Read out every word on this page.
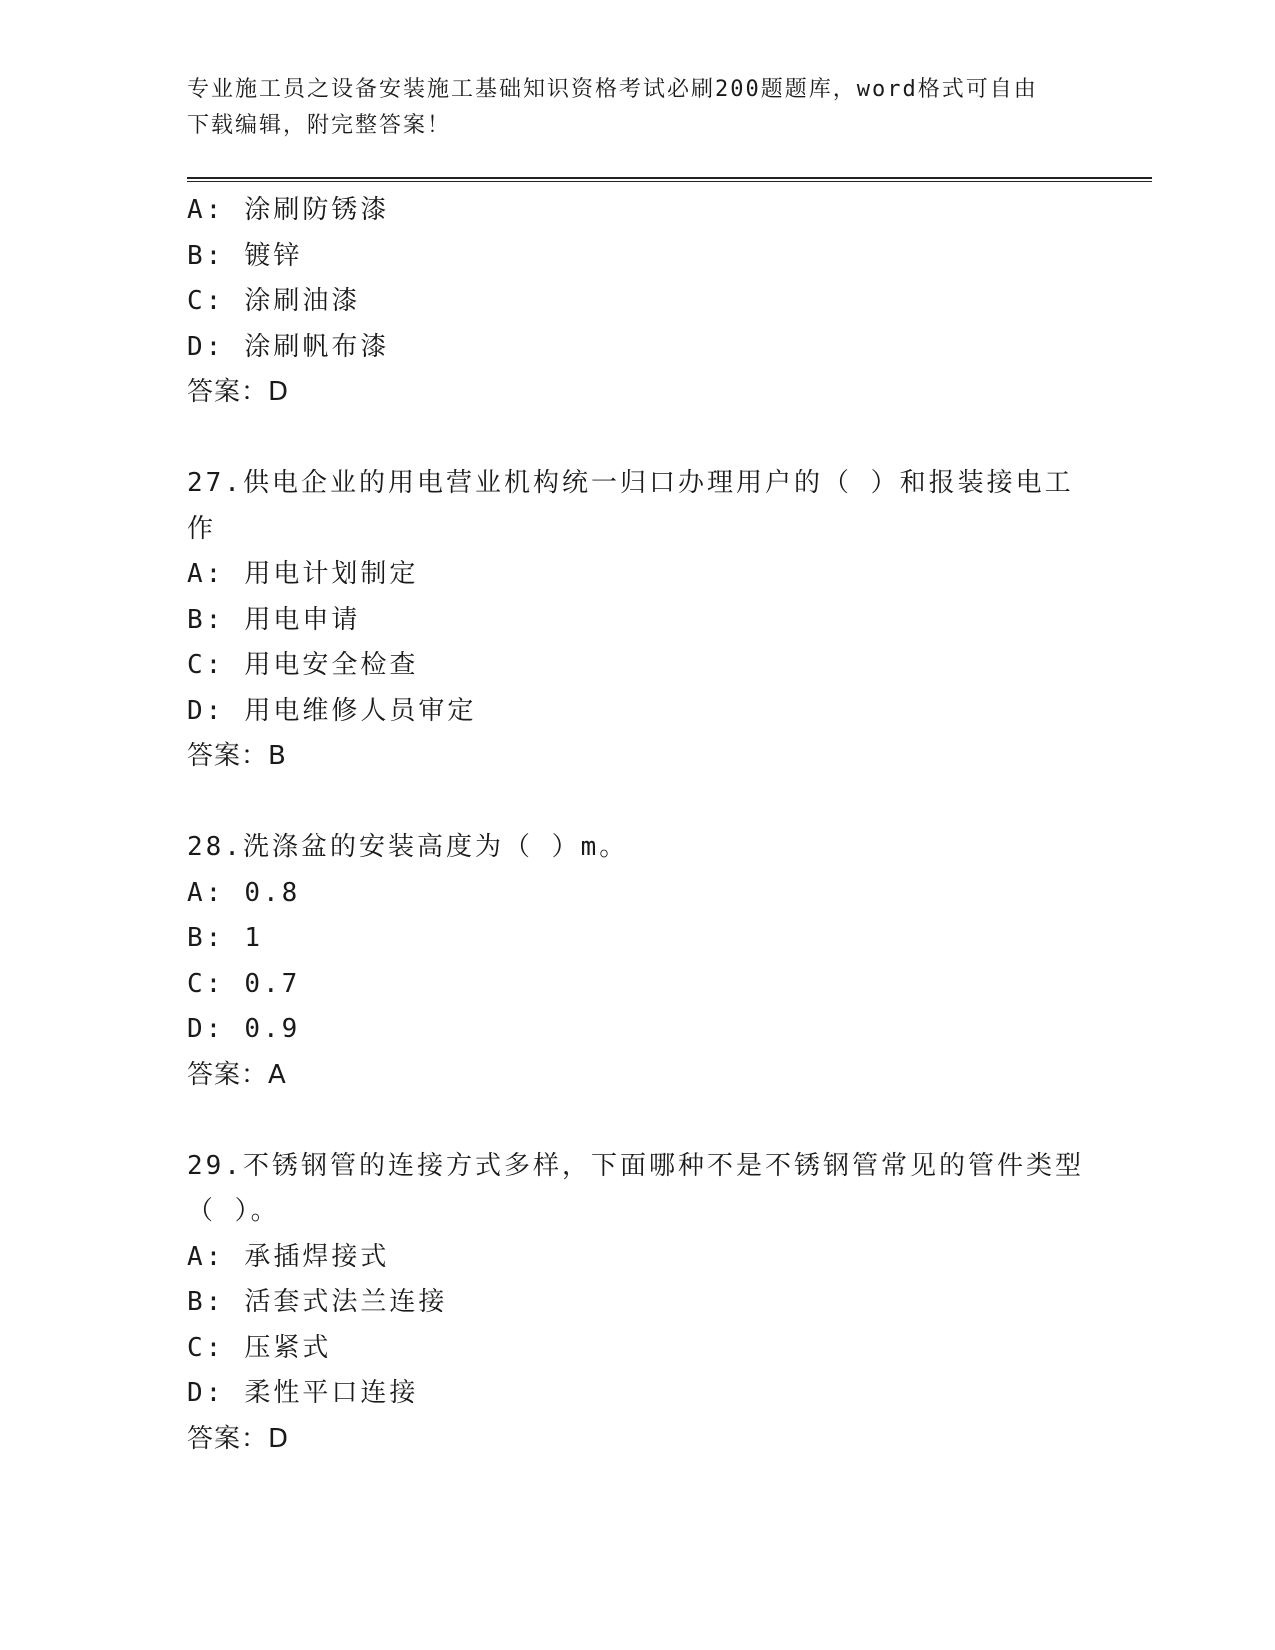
专业施工员之设备安装施工基础知识资格考试必刷200题题库，word格式可自由
下载编辑，附完整答案！
A: 涂刷防锈漆
B: 镀锌
C: 涂刷油漆
D: 涂刷帆布漆
答案：D
27.供电企业的用电营业机构统一归口办理用户的（ ）和报装接电工
作
A: 用电计划制定
B: 用电申请
C: 用电安全检查
D: 用电维修人员审定
答案：B
28.洗涤盆的安装高度为（ ）m。
A: 0.8
B: 1
C: 0.7
D: 0.9
答案：A
29.不锈钢管的连接方式多样，下面哪种不是不锈钢管常见的管件类型
（ ）。
A: 承插焊接式
B: 活套式法兰连接
C: 压紧式
D: 柔性平口连接
答案：D
